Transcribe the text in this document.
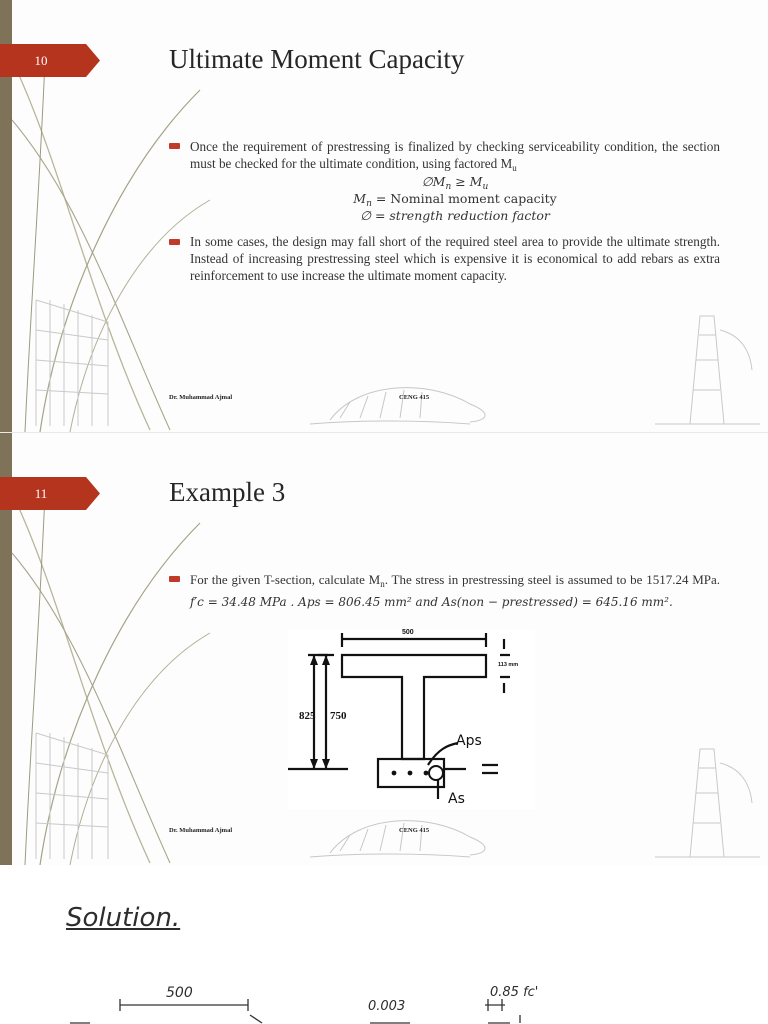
10	Ultimate Moment Capacity
Once the requirement of prestressing is finalized by checking serviceability condition, the section must be checked for the ultimate condition, using factored $M_u$
$\emptyset M_n \ge M_u$
$M_n$ = Nominal moment capacity
∅ = strength reduction factor
In some cases, the design may fall short of the required steel area to provide the ultimate strength. Instead of increasing prestressing steel which is expensive it is economical to add rebars as extra reinforcement to use increase the ultimate moment capacity.
Dr. Muhammad Ajmal	CENG 415
11	Example 3
For the given T-section, calculate $M_n$. The stress in prestressing steel is assumed to be 1517.24 MPa. f′c = 34.48 MPa . Aps = 806.45 mm² and As(non − prestressed) = 645.16 mm².
500
113 mm
825 750
Aps
As
Dr. Muhammad Ajmal	CENG 415
Solution.
500
0.003
0.85 fc'
